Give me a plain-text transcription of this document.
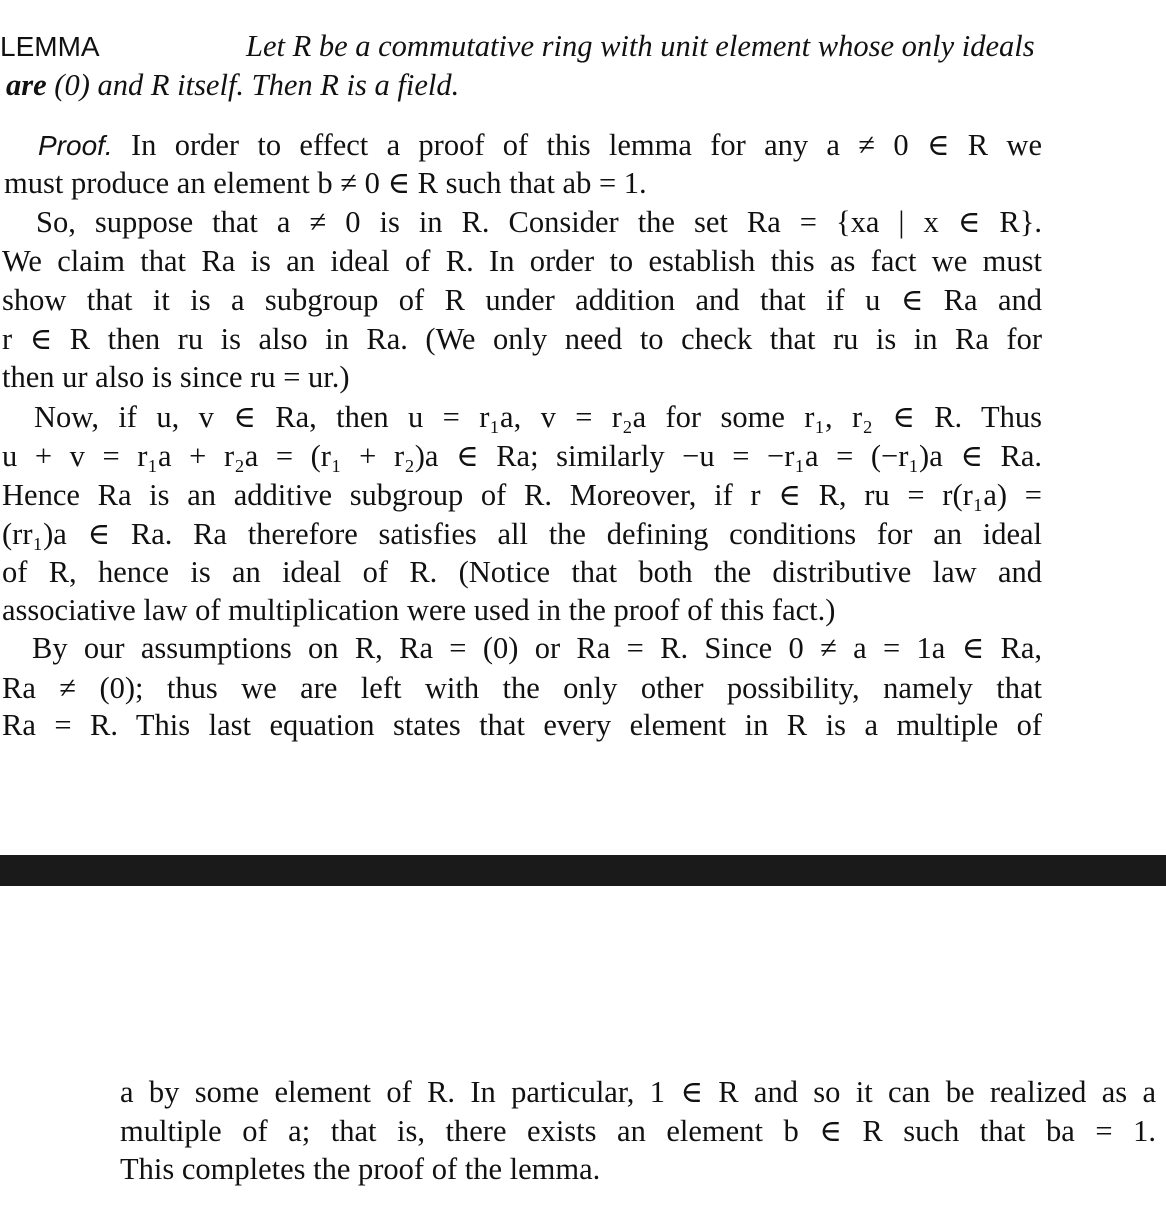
LEMMA	Let R be a commutative ring with unit element whose only ideals
are (0) and R itself. Then R is a field.
Proof. In order to effect a proof of this lemma for any a ≠ 0 ∈ R we
must produce an element b ≠ 0 ∈ R such that ab = 1.
So, suppose that a ≠ 0 is in R. Consider the set Ra = {xa | x ∈ R}.
We claim that Ra is an ideal of R. In order to establish this as fact we must
show that it is a subgroup of R under addition and that if u ∈ Ra and
r ∈ R then ru is also in Ra. (We only need to check that ru is in Ra for
then ur also is since ru = ur.)
Now, if u, v ∈ Ra, then u = r₁a, v = r₂a for some r₁, r₂ ∈ R. Thus
u + v = r₁a + r₂a = (r₁ + r₂)a ∈ Ra; similarly −u = −r₁a = (−r₁)a ∈ Ra.
Hence Ra is an additive subgroup of R. Moreover, if r ∈ R, ru = r(r₁a) =
(rr₁)a ∈ Ra. Ra therefore satisfies all the defining conditions for an ideal
of R, hence is an ideal of R. (Notice that both the distributive law and
associative law of multiplication were used in the proof of this fact.)
By our assumptions on R, Ra = (0) or Ra = R. Since 0 ≠ a = 1a ∈ Ra,
Ra ≠ (0); thus we are left with the only other possibility, namely that
Ra = R. This last equation states that every element in R is a multiple of
a by some element of R. In particular, 1 ∈ R and so it can be realized as a
multiple of a; that is, there exists an element b ∈ R such that ba = 1.
This completes the proof of the lemma.
